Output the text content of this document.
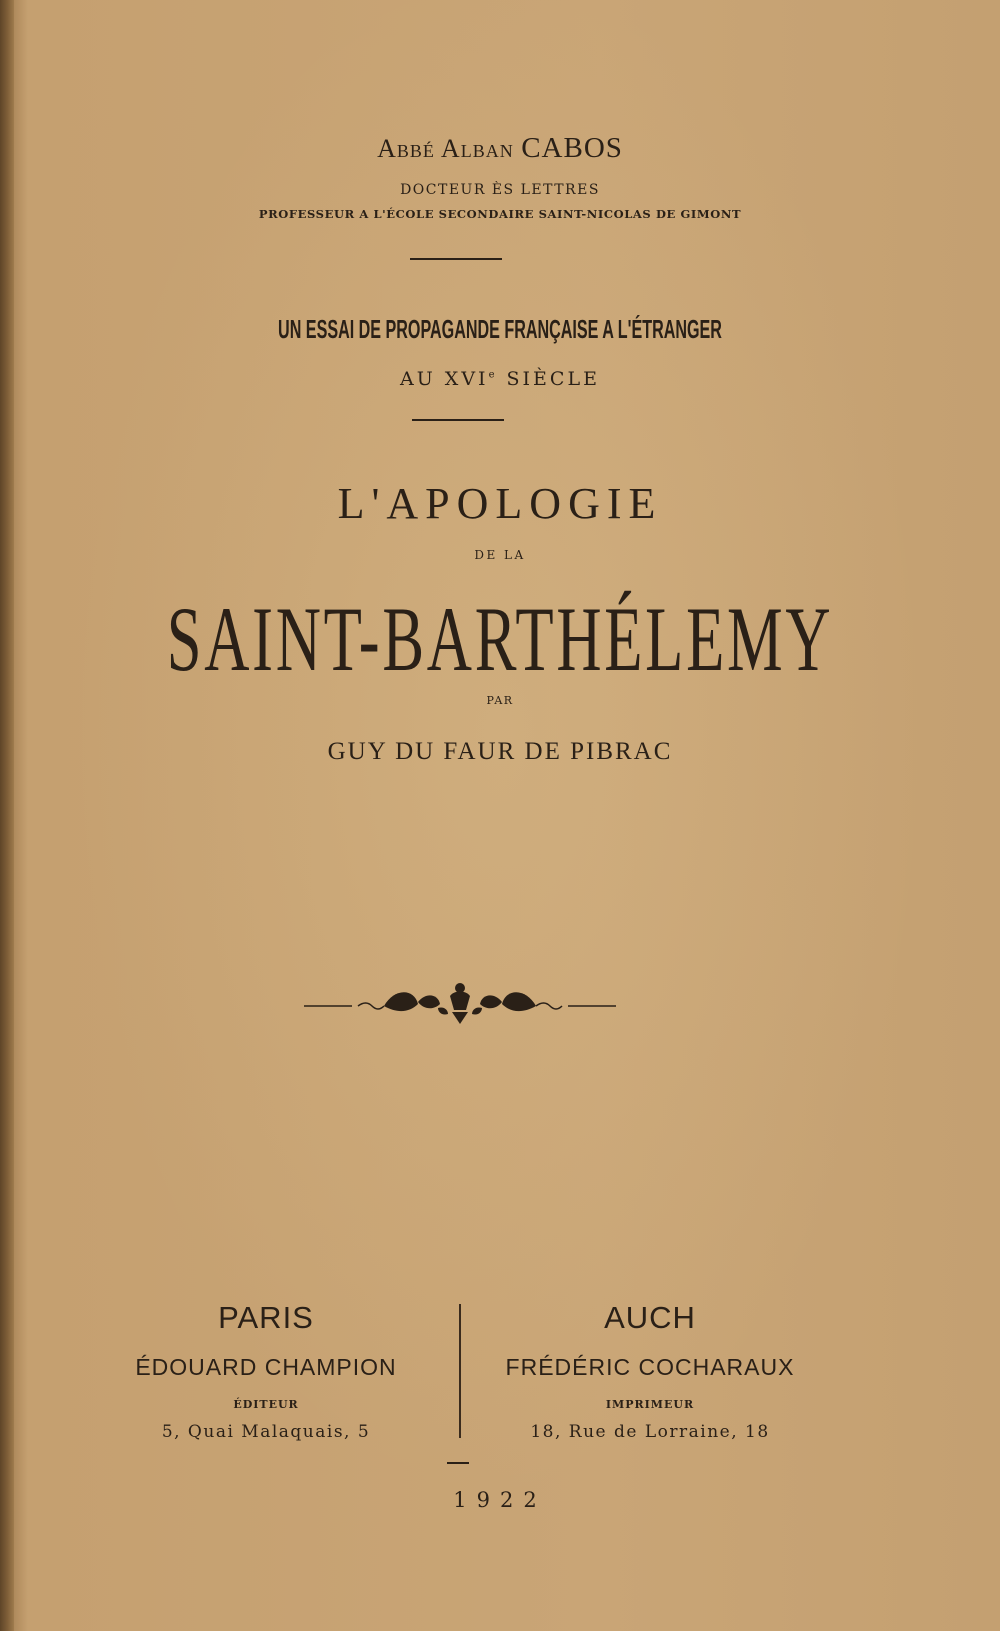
Abbé Alban CABOS
DOCTEUR ÈS LETTRES
PROFESSEUR A L'ÉCOLE SECONDAIRE SAINT-NICOLAS DE GIMONT
UN ESSAI DE PROPAGANDE FRANÇAISE A L'ÉTRANGER
AU XVIe SIÈCLE
L'APOLOGIE
DE LA
SAINT-BARTHÉLEMY
PAR
GUY DU FAUR DE PIBRAC
PARIS
ÉDOUARD CHAMPION
ÉDITEUR
5, Quai Malaquais, 5
AUCH
FRÉDÉRIC COCHARAUX
IMPRIMEUR
18, Rue de Lorraine, 18
1922
